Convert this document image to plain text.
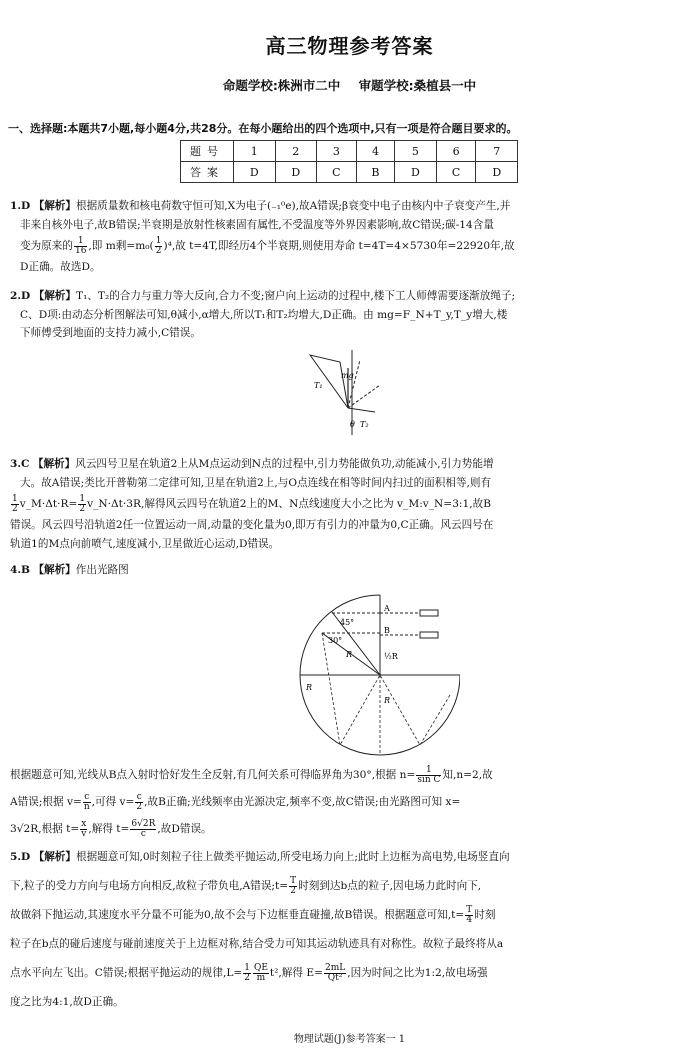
高三物理参考答案
命题学校:株洲市二中 审题学校:桑植县一中
一、选择题:本题共7小题,每小题4分,共28分。在每小题给出的四个选项中,只有一项是符合题目要求的。
题号	1	2	3	4	5	6	7
答案	D	D	C	B	D	C	D
1.D 【解析】根据质量数和核电荷数守恒可知,X为电子(₋₁⁰e),故A错误;β衰变中电子由核内中子衰变产生,并
非来自核外电子,故B错误;半衰期是放射性核素固有属性,不受温度等外界因素影响,故C错误;碳-14含量
变为原来的 $\frac{1}{16}$ ,即 m剩$=m_0( \frac{1}{2} )^4$,故 t=4T,即经历4个半衰期,则使用寿命 t=4T=4×5730年=22920年,故
D正确。故选D。
2.D 【解析】T₁、T₂的合力与重力等大反向,合力不变;窗户向上运动的过程中,楼下工人师傅需要逐渐放绳子;
C、D项:由动态分析图解法可知,θ减小,α增大,所以T₁和T₂均增大,D正确。由 mg=F_N+T_y,T_y增大,楼
下师傅受到地面的支持力减小,C错误。
mg
T₁
θ T₂
3.C 【解析】风云四号卫星在轨道2上从M点运动到N点的过程中,引力势能做负功,动能减小,引力势能增
大。故A错误;类比开普勒第二定律可知,卫星在轨道2上,与O点连线在相等时间内扫过的面积相等,则有
$\frac{1}{2}$ v_M·Δt·R= $\frac{1}{2}$ v_N·Δt·3R,解得风云四号在轨道2上的M、N点线速度大小之比为 v_M:v_N=3:1,故B
错误。风云四号沿轨道2任一位置运动一周,动量的变化量为0,即万有引力的冲量为0,C正确。风云四号在
轨道1的M点向前喷气,速度减小,卫星做近心运动,D错误。
4.B 【解析】作出光路图
A
B
45°
30°
R	½R
R
R
根据题意可知,光线从B点入射时恰好发生全反射,有几何关系可得临界角为30°,根据 $n= \frac{1}{\text{sin C}}$ 知,n=2,故
A错误;根据 $v= \frac{c}{n}$ ,可得 $v= \frac{c}{2}$ ,故B正确;光线频率由光源决定,频率不变,故C错误;由光路图可知 x=
3√2R,根据 $t= \frac{x}{v}$ ,解得 $t= \frac{6√2R}{c}$ ,故D错误。
5.D 【解析】根据题意可知,0时刻粒子往上做类平抛运动,所受电场力向上;此时上边框为高电势,电场竖直向
下,粒子的受力方向与电场方向相反,故粒子带负电,A错误;t= $\frac{T}{2}$ 时刻到达b点的粒子,因电场力此时向下,
故做斜下抛运动,其速度水平分量不可能为0,故不会与下边框垂直碰撞,故B错误。根据题意可知$,t= \frac{T}{4}$ 时刻
粒子在b点的碰后速度与碰前速度关于上边框对称,结合受力可知其运动轨迹具有对称性。故粒子最终将从a
点水平向左飞出。C错误;根据平抛运动的规律$,L= \frac{1}{2} \frac{QE}{m} t^2$,解得 $E= \frac{2mL}{\text{Qt²}}$ ,因为时间之比为1:2,故电场强
度之比为4:1,故D正确。
物理试题(J)参考答案一 1
